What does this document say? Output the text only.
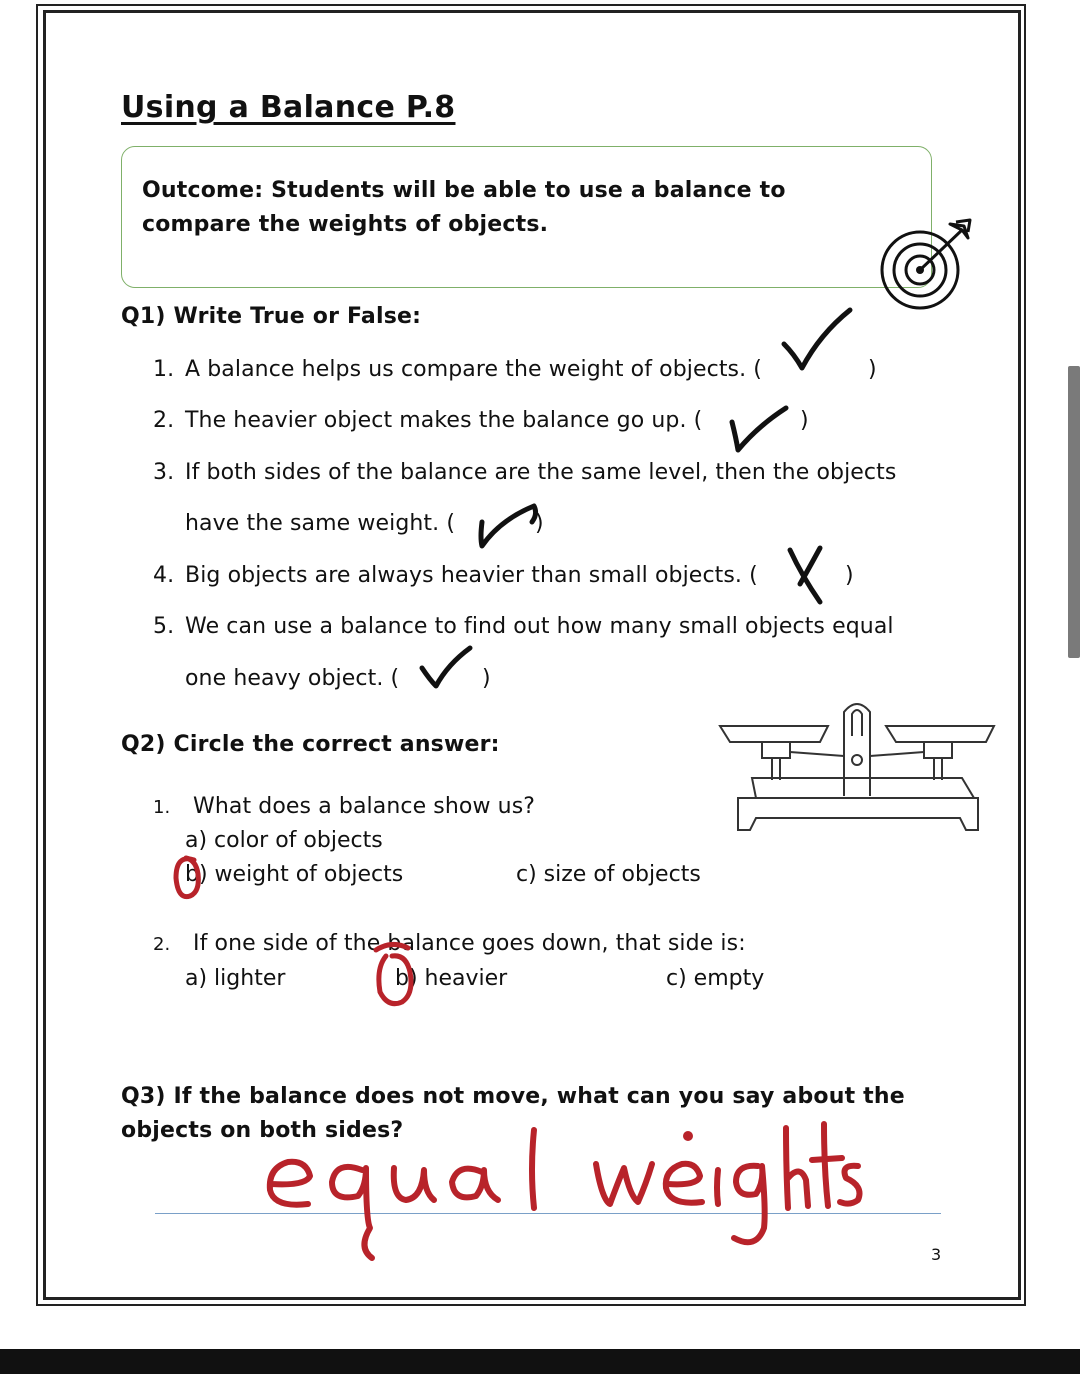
Using a Balance P.8
Outcome: Students will be able to use a balance to compare the weights of objects.
Q1) Write True or False:
1. A balance helps us compare the weight of objects. (	)
2. The heavier object makes the balance go up. (	)
3. If both sides of the balance are the same level, then the objects
have the same weight. (	)
4. Big objects are always heavier than small objects. (	)
5. We can use a balance to find out how many small objects equal
one heavy object. (	)
Q2) Circle the correct answer:
1. What does a balance show us?
a) color of objects
b) weight of objects	c) size of objects
2. If one side of the balance goes down, that side is:
a) lighter	b) heavier	c) empty
Q3) If the balance does not move, what can you say about the
objects on both sides?
3
